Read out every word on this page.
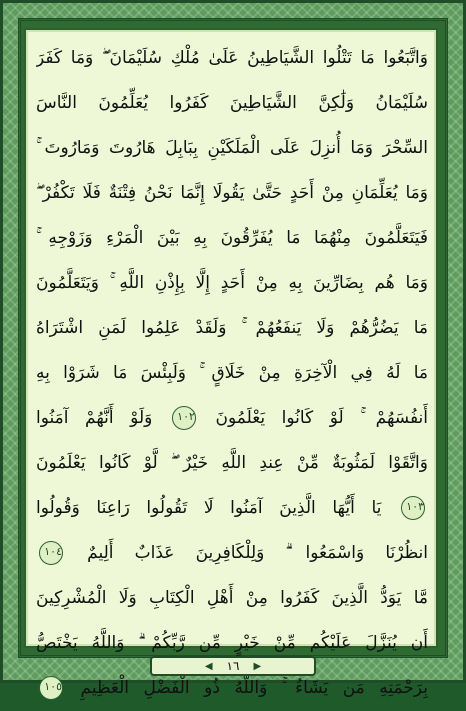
وَاتَّبَعُوا مَا تَتْلُوا الشَّيَاطِينُ عَلَىٰ مُلْكِ سُلَيْمَانَ ۖ وَمَا كَفَرَ
سُلَيْمَانُ وَلَٰكِنَّ الشَّيَاطِينَ كَفَرُوا يُعَلِّمُونَ النَّاسَ
السِّحْرَ وَمَا أُنزِلَ عَلَى الْمَلَكَيْنِ بِبَابِلَ هَارُوتَ وَمَارُوتَ ۚ
وَمَا يُعَلِّمَانِ مِنْ أَحَدٍ حَتَّىٰ يَقُولَا إِنَّمَا نَحْنُ فِتْنَةٌ فَلَا تَكْفُرْ ۖ
فَيَتَعَلَّمُونَ مِنْهُمَا مَا يُفَرِّقُونَ بِهِ بَيْنَ الْمَرْءِ وَزَوْجِهِ ۚ
وَمَا هُم بِضَارِّينَ بِهِ مِنْ أَحَدٍ إِلَّا بِإِذْنِ اللَّهِ ۚ وَيَتَعَلَّمُونَ
مَا يَضُرُّهُمْ وَلَا يَنفَعُهُمْ ۚ وَلَقَدْ عَلِمُوا لَمَنِ اشْتَرَاهُ
مَا لَهُ فِي الْآخِرَةِ مِنْ خَلَاقٍ ۚ وَلَبِئْسَ مَا شَرَوْا بِهِ
أَنفُسَهُمْ ۚ لَوْ كَانُوا يَعْلَمُونَ ١٠٢ وَلَوْ أَنَّهُمْ آمَنُوا
وَاتَّقَوْا لَمَثُوبَةٌ مِّنْ عِندِ اللَّهِ خَيْرٌ ۖ لَّوْ كَانُوا يَعْلَمُونَ
١٠٣ يَا أَيُّهَا الَّذِينَ آمَنُوا لَا تَقُولُوا رَاعِنَا وَقُولُوا
انظُرْنَا وَاسْمَعُوا ۗ وَلِلْكَافِرِينَ عَذَابٌ أَلِيمٌ ١٠٤
مَّا يَوَدُّ الَّذِينَ كَفَرُوا مِنْ أَهْلِ الْكِتَابِ وَلَا الْمُشْرِكِينَ
أَن يُنَزَّلَ عَلَيْكُم مِّنْ خَيْرٍ مِّن رَّبِّكُمْ ۗ وَاللَّهُ يَخْتَصُّ
بِرَحْمَتِهِ مَن يَشَاءُ ۚ وَاللَّهُ ذُو الْفَضْلِ الْعَظِيمِ ١٠٥
◀ ١٦ ▶
